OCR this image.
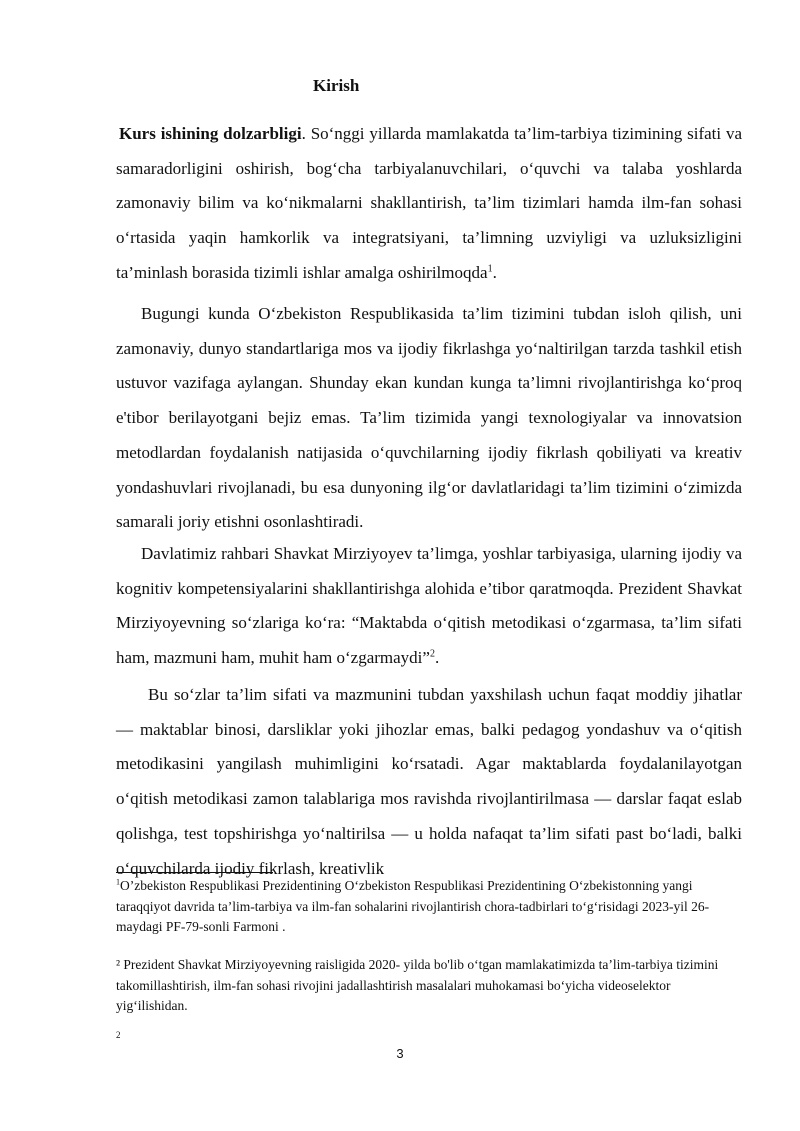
Kirish

Kurs ishining dolzarbligi. So‘nggi yillarda mamlakatda ta’lim-tarbiya tizimining sifati va samaradorligini oshirish, bog‘cha tarbiyalanuvchilari, o‘quvchi va talaba yoshlarda zamonaviy bilim va ko‘nikmalarni shakllantirish, ta’lim tizimlari hamda ilm-fan sohasi o‘rtasida yaqin hamkorlik va integratsiyani, ta’limning uzviyligi va uzluksizligini ta’minlash borasida tizimli ishlar amalga oshirilmoqda$^1$.

Bugungi kunda O‘zbekiston Respublikasida ta’lim tizimini tubdan isloh qilish, uni zamonaviy, dunyo standartlariga mos va ijodiy fikrlashga yo‘naltirilgan tarzda tashkil etish ustuvor vazifaga aylangan. Shunday ekan kundan kunga ta’limni rivojlantirishga ko‘proq e'tibor berilayotgani bejiz emas. Ta’lim tizimida yangi texnologiyalar va innovatsion metodlardan foydalanish natijasida o‘quvchilarning ijodiy fikrlash qobiliyati va kreativ yondashuvlari rivojlanadi, bu esa dunyoning ilg‘or davlatlaridagi ta’lim tizimini o‘zimizda samarali joriy etishni osonlashtiradi.

Davlatimiz rahbari Shavkat Mirziyoyev ta’limga, yoshlar tarbiyasiga, ularning ijodiy va kognitiv kompetensiyalarini shakllantirishga alohida e’tibor qaratmoqda. Prezident Shavkat Mirziyoyevning so‘zlariga ko‘ra: “Maktabda o‘qitish metodikasi o‘zgarmasa, ta’lim sifati ham, mazmuni ham, muhit ham o‘zgarmaydi”$^2$.

Bu so‘zlar ta’lim sifati va mazmunini tubdan yaxshilash uchun faqat moddiy jihatlar — maktablar binosi, darsliklar yoki jihozlar emas, balki pedagog yondashuv va o‘qitish metodikasini yangilash muhimligini ko‘rsatadi. Agar maktablarda foydalanilayotgan o‘qitish metodikasi zamon talablariga mos ravishda rivojlantirilmasa — darslar faqat eslab qolishga, test topshirishga yo‘naltirilsa — u holda nafaqat ta’lim sifati past bo‘ladi, balki o‘quvchilarda ijodiy fikrlash, kreativlik

$^1$O’zbekiston Respublikasi Prezidentining O‘zbekiston Respublikasi Prezidentining O‘zbekistonning yangi taraqqiyot davrida ta’lim-tarbiya va ilm-fan sohalarini rivojlantirish chora-tadbirlari to‘g‘risidagi 2023-yil 26-maydagi PF-79-sonli Farmoni .

² Prezident Shavkat Mirziyoyevning raisligida 2020- yilda bo'lib o‘tgan mamlakatimizda ta’lim-tarbiya tizimini takomillashtirish, ilm-fan sohasi rivojini jadallashtirish masalalari muhokamasi bo‘yicha videoselektor yig‘ilishidan.

2

3
